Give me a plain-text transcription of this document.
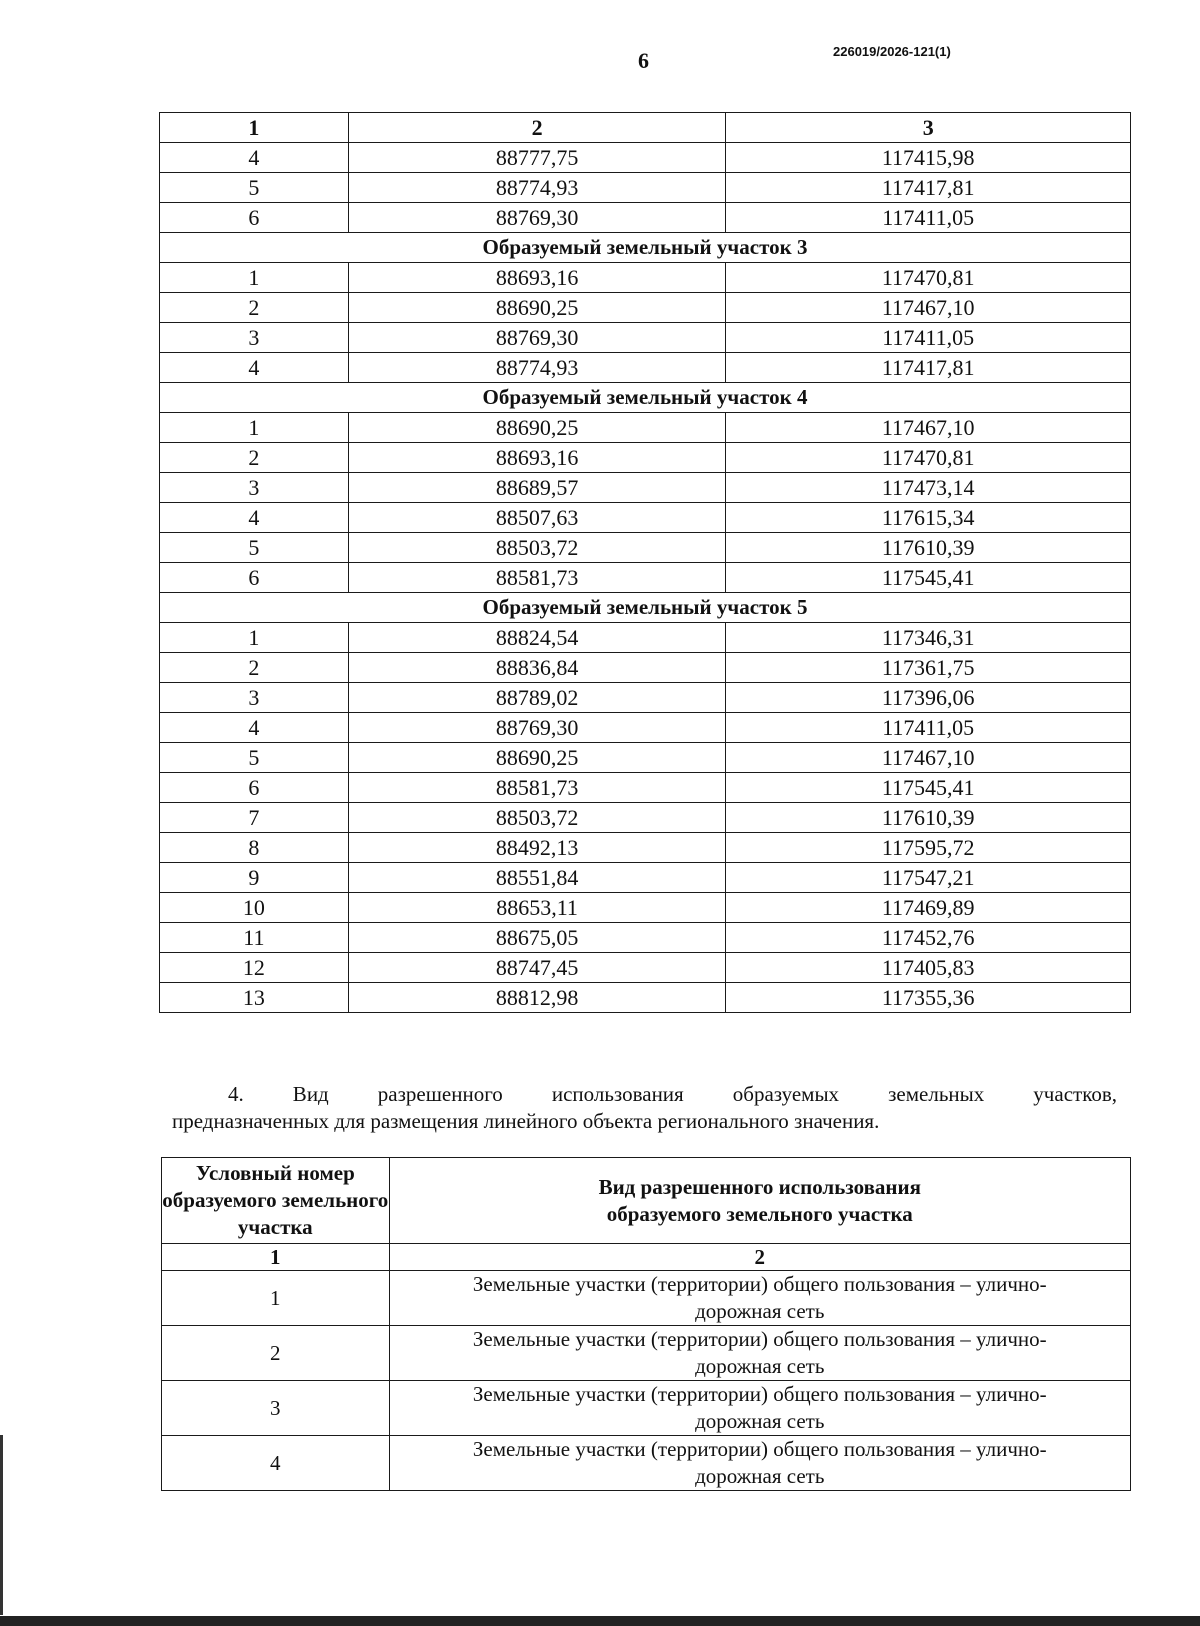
6	226019/2026-121(1)
1	2	3
4	88777,75	117415,98
5	88774,93	117417,81
6	88769,30	117411,05
Образуемый земельный участок 3		
1	88693,16	117470,81
2	88690,25	117467,10
3	88769,30	117411,05
4	88774,93	117417,81
Образуемый земельный участок 4		
1	88690,25	117467,10
2	88693,16	117470,81
3	88689,57	117473,14
4	88507,63	117615,34
5	88503,72	117610,39
6	88581,73	117545,41
Образуемый земельный участок 5		
1	88824,54	117346,31
2	88836,84	117361,75
3	88789,02	117396,06
4	88769,30	117411,05
5	88690,25	117467,10
6	88581,73	117545,41
7	88503,72	117610,39
8	88492,13	117595,72
9	88551,84	117547,21
10	88653,11	117469,89
11	88675,05	117452,76
12	88747,45	117405,83
13	88812,98	117355,36
4. Вид разрешенного использования образуемых земельных участков,
предназначенных для размещения линейного объекта регионального значения.
Условный номер образуемого земельного участка	Вид разрешенного использования образуемого земельного участка
1	2
1	Земельные участки (территории) общего пользования – улично-дорожная сеть
2	Земельные участки (территории) общего пользования – улично-дорожная сеть
3	Земельные участки (территории) общего пользования – улично-дорожная сеть
4	Земельные участки (территории) общего пользования – улично-дорожная сеть
